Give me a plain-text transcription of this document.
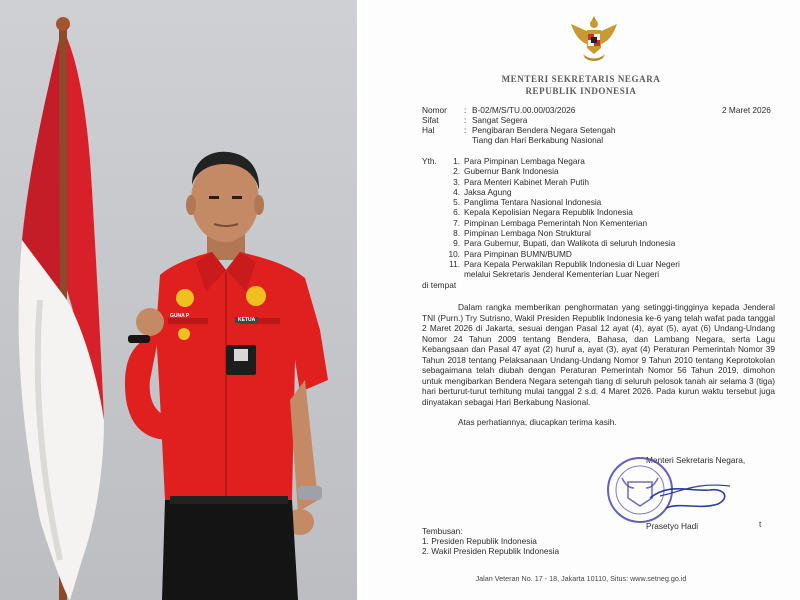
GUNA P
KETUA
MENTERI SEKRETARIS NEGARA
REPUBLIK INDONESIA
Nomor	: B-02/M/S/TU.00.00/03/2026	2 Maret 2026
Sifat	: Sangat Segera
Hal	: Pengibaran Bendera Negara Setengah
Tiang dan Hari Berkabung Nasional
Yth.	1. Para Pimpinan Lembaga Negara
2. Gubernur Bank Indonesia
3. Para Menteri Kabinet Merah Putih
4. Jaksa Agung
5. Panglima Tentara Nasional Indonesia
6. Kepala Kepolisian Negara Republik Indonesia
7. Pimpinan Lembaga Pemerintah Non Kementerian
8. Pimpinan Lembaga Non Struktural
9. Para Gubernur, Bupati, dan Walikota di seluruh Indonesia
10. Para Pimpinan BUMN/BUMD
11. Para Kepala Perwakilan Republik Indonesia di Luar Negeri
melalui Sekretaris Jenderal Kementerian Luar Negeri
di tempat
Dalam rangka memberikan penghormatan yang setinggi-tingginya kepada Jenderal TNI (Purn.) Try Sutrisno, Wakil Presiden Republik Indonesia ke-6 yang telah wafat pada tanggal 2 Maret 2026 di Jakarta, sesuai dengan Pasal 12 ayat (4), ayat (5), ayat (6) Undang-Undang Nomor 24 Tahun 2009 tentang Bendera, Bahasa, dan Lambang Negara, serta Lagu Kebangsaan dan Pasal 47 ayat (2) huruf a, ayat (3), ayat (4) Peraturan Pemerintah Nomor 39 Tahun 2018 tentang Pelaksanaan Undang-Undang Nomor 9 Tahun 2010 tentang Keprotokolan sebagaimana telah diubah dengan Peraturan Pemerintah Nomor 56 Tahun 2019, dimohon untuk mengibarkan Bendera Negara setengah tiang di seluruh pelosok tanah air selama 3 (tiga) hari berturut-turut terhitung mulai tanggal 2 s.d. 4 Maret 2026. Pada kurun waktu tersebut juga dinyatakan sebagai Hari Berkabung Nasional.
Atas perhatiannya, diucapkan terima kasih.
Menteri Sekretaris Negara,
Prasetyo Hadi	t
Tembusan:
1. Presiden Republik Indonesia
2. Wakil Presiden Republik Indonesia
Jalan Veteran No. 17 - 18, Jakarta 10110, Situs: www.setneg.go.id
